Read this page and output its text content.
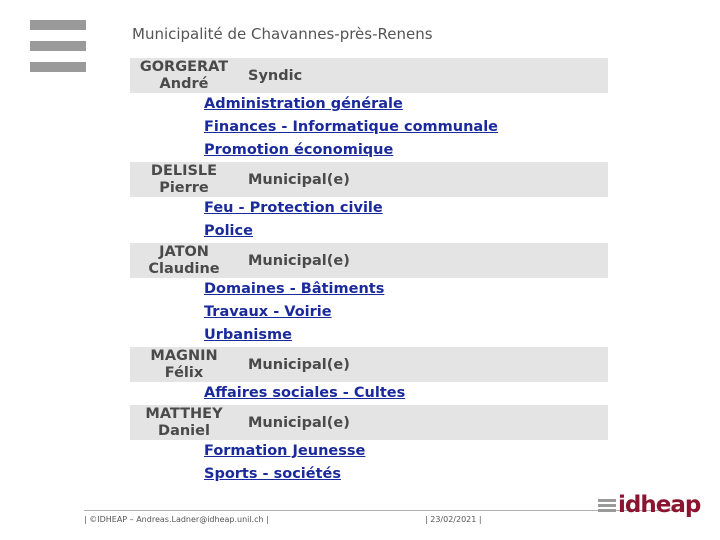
Municipalité de Chavannes-près-Renens
GORGERAT
André	Syndic
Administration générale
Finances - Informatique communale
Promotion économique
DELISLE
Pierre	Municipal(e)
Feu - Protection civile
Police
JATON
Claudine	Municipal(e)
Domaines - Bâtiments
Travaux - Voirie
Urbanisme
MAGNIN
Félix	Municipal(e)
Affaires sociales - Cultes
MATTHEY
Daniel	Municipal(e)
Formation Jeunesse
Sports - sociétés
| ©IDHEAP – Andreas.Ladner@idheap.unil.ch |	| 23/02/2021 |
idheap
